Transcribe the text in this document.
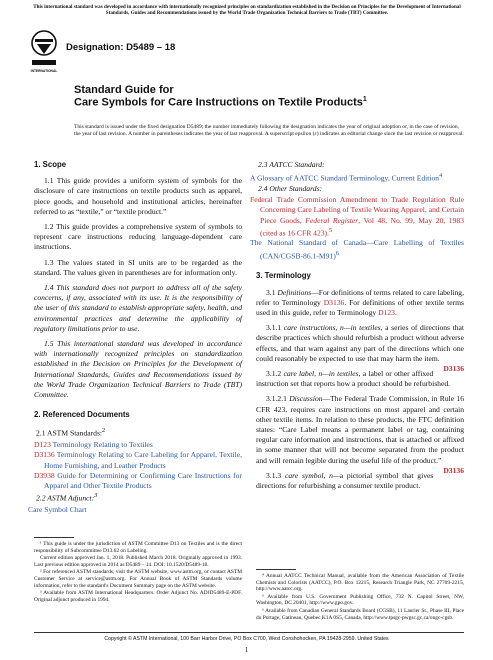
This international standard was developed in accordance with internationally recognized principles on standardization established in the Decision on Principles for the Development of International Standards, Guides and Recommendations issued by the World Trade Organization Technical Barriers to Trade (TBT) Committee.
INTERNATIONAL
Designation: D5489 – 18
Standard Guide for
Care Symbols for Care Instructions on Textile Products$^1$
This standard is issued under the fixed designation D5489; the number immediately following the designation indicates the year of original adoption or, in the case of revision, the year of last revision. A number in parentheses indicates the year of last reapproval. A superscript epsilon (ε) indicates an editorial change since the last revision or reapproval.
1. Scope

1.1 This guide provides a uniform system of symbols for the disclosure of care instructions on textile products such as apparel, piece goods, and household and institutional articles, hereinafter referred to as “textile,” or “textile product.”

1.2 This guide provides a comprehensive system of symbols to represent care instructions reducing language-dependent care instructions.

1.3 The values stated in SI units are to be regarded as the standard. The values given in parentheses are for information only.

1.4 This standard does not purport to address all of the safety concerns, if any, associated with its use. It is the responsibility of the user of this standard to establish appropriate safety, health, and environmental practices and determine the applicability of regulatory limitations prior to use.

1.5 This international standard was developed in accordance with internationally recognized principles on standardization established in the Decision on Principles for the Development of International Standards, Guides and Recommendations issued by the World Trade Organization Technical Barriers to Trade (TBT) Committee.

2. Referenced Documents

2.1 ASTM Standards:$^2$

D123 Terminology Relating to Textiles

D3136 Terminology Relating to Care Labeling for Apparel, Textile, Home Furnishing, and Leather Products

D3938 Guide for Determining or Confirming Care Instructions for Apparel and Other Textile Products

2.2 ASTM Adjunct:$^3$

Care Symbol Chart

2.3 AATCC Standard:

A Glossary of AATCC Standard Terminology, Current Edition$^4$

2.4 Other Standards:

Federal Trade Commission Amendment to Trade Regulation Rule Concerning Care Labeling of Textile Wearing Apparel, and Certain Piece Goods, Federal Register, Vol 48, No. 99, May 20, 1983 (cited as 16 CFR 423).$^5$

The National Standard of Canada—Care Labelling of Textiles (CAN/CGSB-86.1-M91)$^6$

3. Terminology

3.1 Definitions—For definitions of terms related to care labeling, refer to Terminology D3136. For definitions of other textile terms used in this guide, refer to Terminology D123.

3.1.1 care instructions, n—in textiles, a series of directions that describe practices which should refurbish a product without adverse effects, and that warn against any part of the directions which one could reasonably be expected to use that may harm the item.
D3136

3.1.2 care label, n—in textiles, a label or other affixed instruction set that reports how a product should be refurbished.

3.1.2.1 Discussion—The Federal Trade Commission, in Rule 16 CFR 423, requires care instructions on most apparel and certain other textile items. In relation to these products, the FTC definition states: “Care Label means a permanent label or tag, containing regular care information and instructions, that is attached or affixed in some manner that will not become separated from the product and will remain legible during the useful life of the product.”
D3136

3.1.3 care symbol, n—a pictorial symbol that gives directions for refurbishing a consumer textile product.

¹ This guide is under the jurisdiction of ASTM Committee D13 on Textiles and is the direct responsibility of Subcommittee D13.62 on Labeling.

Current edition approved Jan. 1, 2018. Published March 2018. Originally approved in 1993. Last previous edition approved in 2014 as D5489 – 14. DOI: 10.1520/D5489-18.

² For referenced ASTM standards, visit the ASTM website, www.astm.org, or contact ASTM Customer Service at service@astm.org. For Annual Book of ASTM Standards volume information, refer to the standard's Document Summary page on the ASTM website.

³ Available from ASTM International Headquarters. Order Adjunct No. ADJD5489-E-PDF. Original adjunct produced in 1994.

⁴ Annual AATCC Technical Manual, available from the American Association of Textile Chemists and Colorists (AATCC), P.O. Box 12215, Research Triangle Park, NC 27709-2215, http://www.aatcc.org.

⁵ Available from U.S. Government Publishing Office, 732 N. Capitol Street, NW, Washington, DC 20401, http://www.gpo.gov.

⁶ Available from Canadian General Standards Board (CGSB), 11 Laurier St., Phase III, Place du Portage, Gatineau, Quebec K1A 0S5, Canada, http://www.tpsgc-pwgsc.gc.ca/ongc-cgsb.

Copyright © ASTM International, 100 Barr Harbor Drive, PO Box C700, West Conshohocken, PA 19428-2959. United States
1
